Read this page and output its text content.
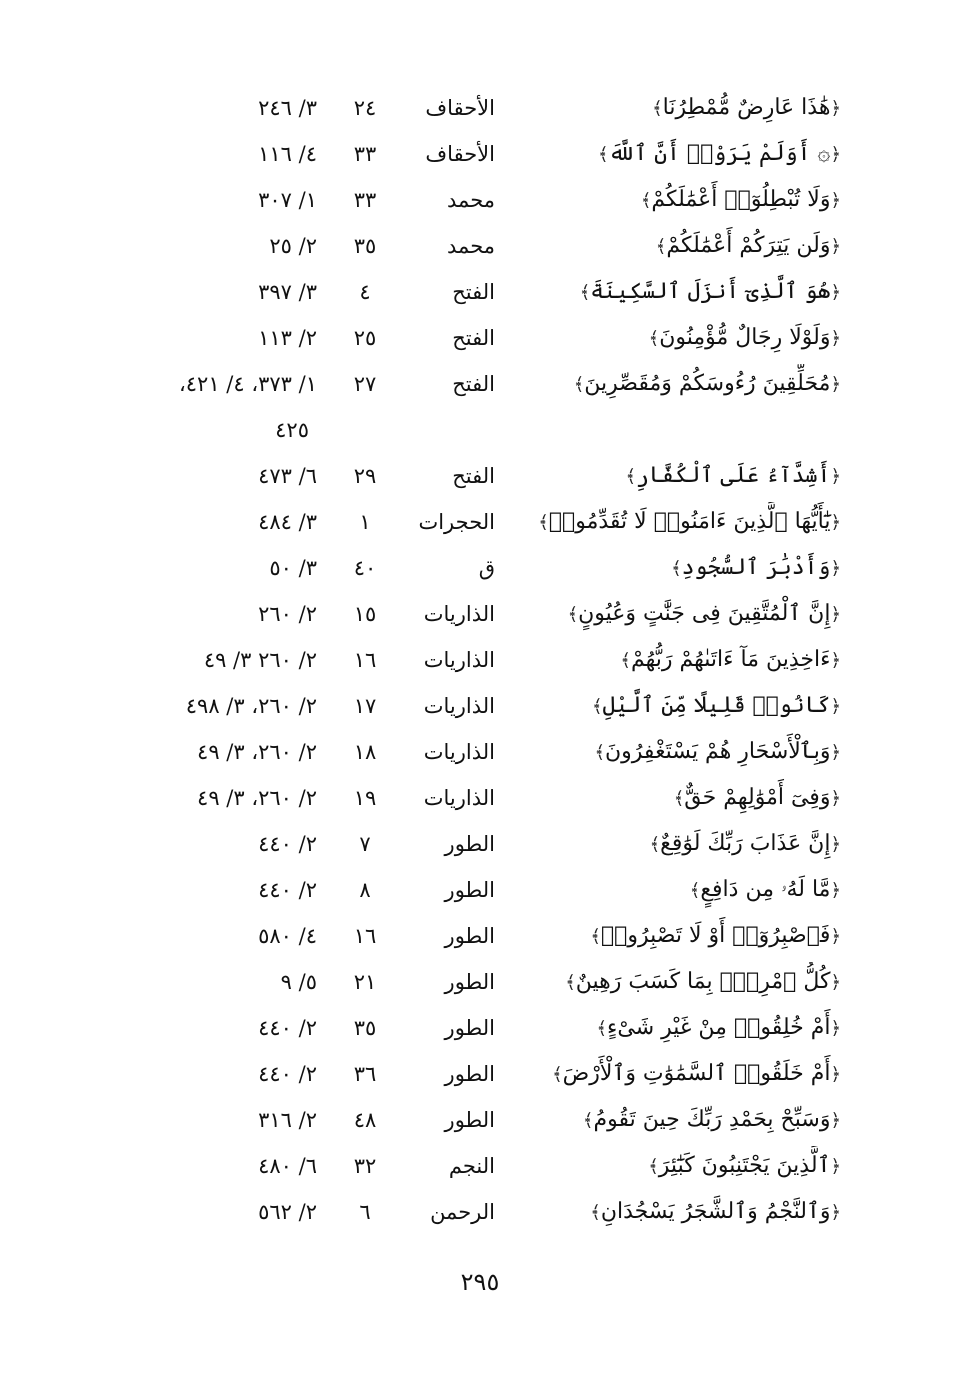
﴿هَٰذَا عَارِضٌ مُّمْطِرُنَا﴾
الأحقاف
٢٤
٣/ ٢٤٦
﴿۞ أَوَلَمْ يَرَوْا۟ أَنَّ ٱللَّهَ﴾
الأحقاف
٣٣
٤/ ١١٦
﴿وَلَا تُبْطِلُوٓا۟ أَعْمَٰلَكُمْ﴾
محمد
٣٣
١/ ٣٠٧
﴿وَلَن يَتِرَكُمْ أَعْمَٰلَكُمْ﴾
محمد
٣٥
٢/ ٢٥
﴿هُوَ ٱلَّذِىٓ أَنزَلَ ٱلسَّكِينَةَ﴾
الفتح
٤
٣/ ٣٩٧
﴿وَلَوْلَا رِجَالٌ مُّؤْمِنُونَ﴾
الفتح
٢٥
٢/ ١١٣
﴿مُحَلِّقِينَ رُءُوسَكُمْ وَمُقَصِّرِينَ﴾
الفتح
٢٧
١/ ٣٧٣، ٤/ ٤٢١،
٤٢٥
﴿أَشِدَّآءُ عَلَى ٱلْكُفَّارِ﴾
الفتح
٢٩
٦/ ٤٧٣
﴿يَٰٓأَيُّهَا ٱلَّذِينَ ءَامَنُوا۟ لَا تُقَدِّمُوا۟﴾
الحجرات
١
٣/ ٤٨٤
﴿وَأَدْبَٰرَ ٱلسُّجُودِ﴾
ق
٤٠
٣/ ٥٠
﴿إِنَّ ٱلْمُتَّقِينَ فِى جَنَّٰتٍ وَعُيُونٍ﴾
الذاريات
١٥
٢/ ٢٦٠
﴿ءَاخِذِينَ مَآ ءَاتَىٰهُمْ رَبُّهُمْ﴾
الذاريات
١٦
٢/ ٢٦٠ ٣/ ٤٩
﴿كَانُوا۟ قَلِيلًا مِّنَ ٱلَّيْلِ﴾
الذاريات
١٧
٢/ ٢٦٠، ٣/ ٤٩٨
﴿وَبِٱلْأَسْحَارِ هُمْ يَسْتَغْفِرُونَ﴾
الذاريات
١٨
٢/ ٢٦٠، ٣/ ٤٩
﴿وَفِىٓ أَمْوَٰلِهِمْ حَقٌّ﴾
الذاريات
١٩
٢/ ٢٦٠، ٣/ ٤٩
﴿إِنَّ عَذَابَ رَبِّكَ لَوَٰقِعٌ﴾
الطور
٧
٢/ ٤٤٠
﴿مَّا لَهُۥ مِن دَافِعٍ﴾
الطور
٨
٢/ ٤٤٠
﴿فَٱصْبِرُوٓا۟ أَوْ لَا تَصْبِرُوا۟﴾
الطور
١٦
٤/ ٥٨٠
﴿كُلُّ ٱمْرِئٍۭ بِمَا كَسَبَ رَهِينٌ﴾
الطور
٢١
٥/ ٩
﴿أَمْ خُلِقُوا۟ مِنْ غَيْرِ شَىْءٍ﴾
الطور
٣٥
٢/ ٤٤٠
﴿أَمْ خَلَقُوا۟ ٱلسَّمَٰوَٰتِ وَٱلْأَرْضَ﴾
الطور
٣٦
٢/ ٤٤٠
﴿وَسَبِّحْ بِحَمْدِ رَبِّكَ حِينَ تَقُومُ﴾
الطور
٤٨
٢/ ٣١٦
﴿ٱلَّذِينَ يَجْتَنِبُونَ كَبَٰٓئِرَ﴾
النجم
٣٢
٦/ ٤٨٠
﴿وَٱلنَّجْمُ وَٱلشَّجَرُ يَسْجُدَانِ﴾
الرحمن
٦
٢/ ٥٦٢
٢٩٥
